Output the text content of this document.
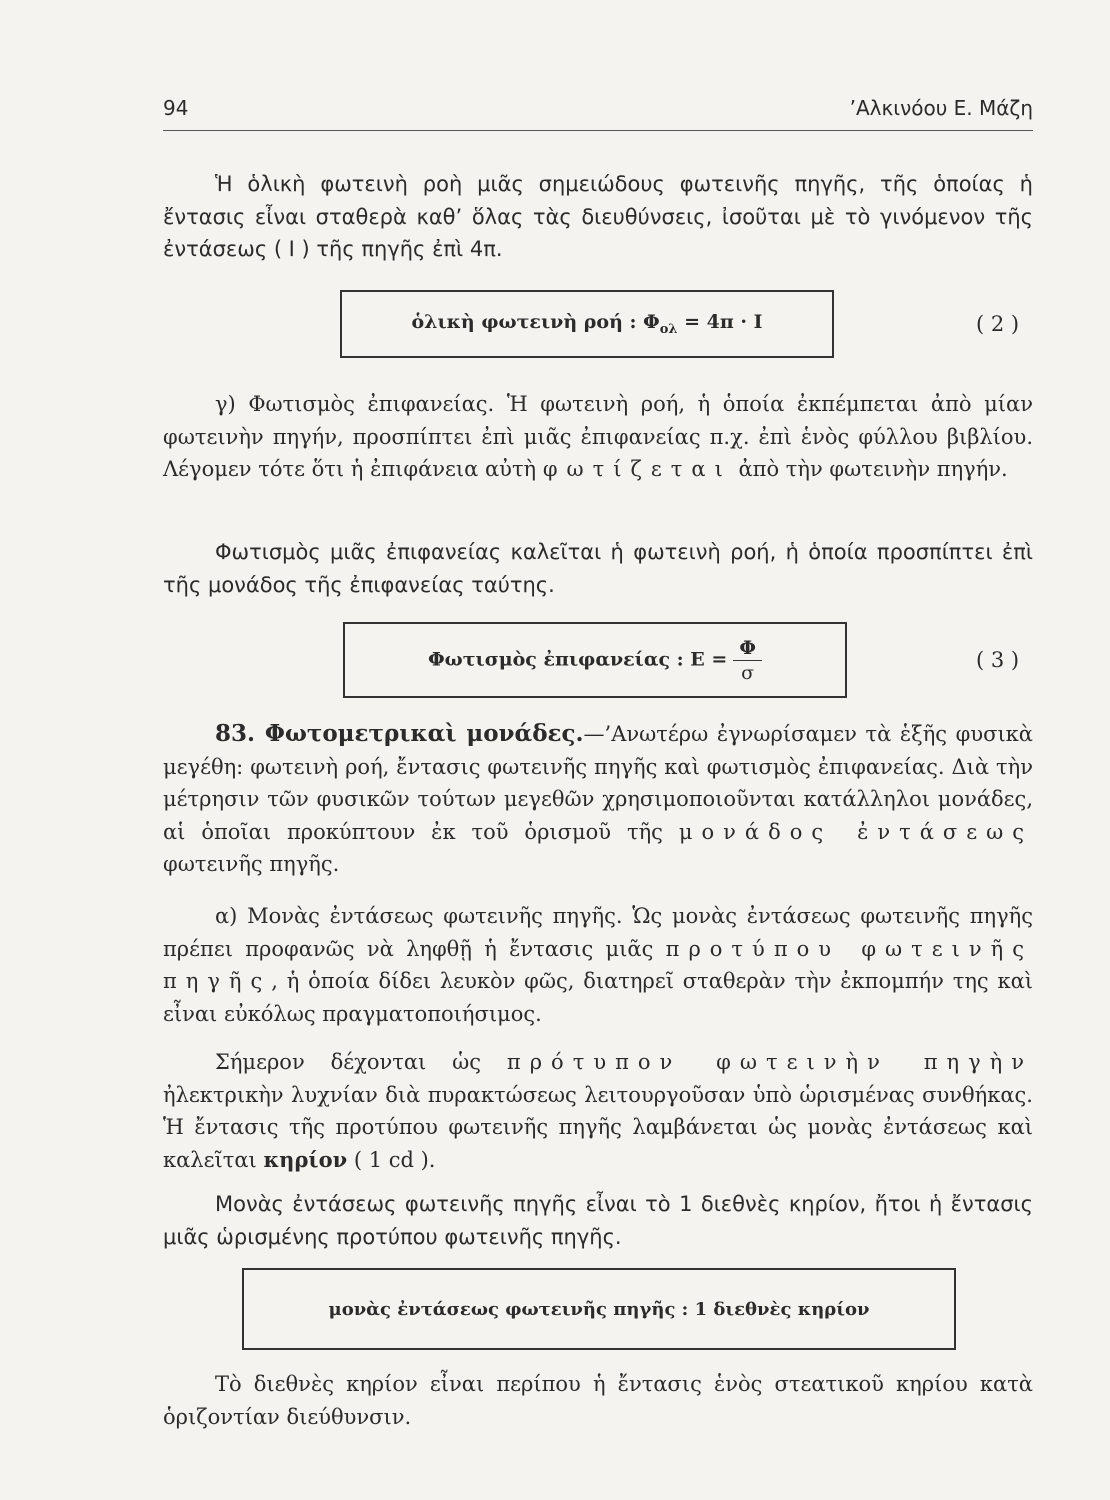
94	’Αλκινόου Ε. Μάζη

Ἡ ὁλικὴ φωτεινὴ ροὴ μιᾶς σημειώδους φωτεινῆς πηγῆς, τῆς ὁποίας ἡ ἔντασις εἶναι σταθερὰ καθ’ ὅλας τὰς διευθύνσεις, ἰσοῦται μὲ τὸ γινόμενον τῆς ἐντάσεως ( Ι ) τῆς πηγῆς ἐπὶ 4π.

ὁλικὴ φωτεινὴ ροή : $\Phi_{o\lambda} = 4\pi \cdot I$	( 2 )

γ) Φωτισμὸς ἐπιφανείας. Ἡ φωτεινὴ ροή, ἡ ὁποία ἐκπέμπεται ἀπὸ μίαν φωτεινὴν πηγήν, προσπίπτει ἐπὶ μιᾶς ἐπιφανείας π.χ. ἐπὶ ἑνὸς φύλλου βιβλίου. Λέγομεν τότε ὅτι ἡ ἐπιφάνεια αὐτὴ φωτίζεται ἀπὸ τὴν φωτεινὴν πηγήν.

Φωτισμὸς μιᾶς ἐπιφανείας καλεῖται ἡ φωτεινὴ ροή, ἡ ὁποία προσπίπτει ἐπὶ τῆς μονάδος τῆς ἐπιφανείας ταύτης.

Φωτισμὸς ἐπιφανείας : $E = \frac{\Phi}{\sigma}$	( 3 )

83. Φωτομετρικαὶ μονάδες.—’Ανωτέρω ἐγνωρίσαμεν τὰ ἑξῆς φυσικὰ μεγέθη: φωτεινὴ ροή, ἔντασις φωτεινῆς πηγῆς καὶ φωτισμὸς ἐπιφανείας. Διὰ τὴν μέτρησιν τῶν φυσικῶν τούτων μεγεθῶν χρησιμοποιοῦνται κατάλληλοι μονάδες, αἱ ὁποῖαι προκύπτουν ἐκ τοῦ ὁρισμοῦ τῆς μονάδος ἐντάσεως φωτεινῆς πηγῆς.

α) Μονὰς ἐντάσεως φωτεινῆς πηγῆς. Ὡς μονὰς ἐντάσεως φωτεινῆς πηγῆς πρέπει προφανῶς νὰ ληφθῇ ἡ ἔντασις μιᾶς προτύπου φωτεινῆς πηγῆς, ἡ ὁποία δίδει λευκὸν φῶς, διατηρεῖ σταθερὰν τὴν ἐκπομπήν της καὶ εἶναι εὐκόλως πραγματοποιήσιμος.

Σήμερον δέχονται ὡς πρότυπον φωτεινὴν πηγὴν ἠλεκτρικὴν λυχνίαν διὰ πυρακτώσεως λειτουργοῦσαν ὑπὸ ὡρισμένας συνθήκας. Ἡ ἔντασις τῆς προτύπου φωτεινῆς πηγῆς λαμβάνεται ὡς μονὰς ἐντάσεως καὶ καλεῖται κηρίον ( 1 cd ).

Μονὰς ἐντάσεως φωτεινῆς πηγῆς εἶναι τὸ 1 διεθνὲς κηρίον, ἤτοι ἡ ἔντασις μιᾶς ὡρισμένης προτύπου φωτεινῆς πηγῆς.

μονὰς ἐντάσεως φωτεινῆς πηγῆς : 1 διεθνὲς κηρίον

Τὸ διεθνὲς κηρίον εἶναι περίπου ἡ ἔντασις ἑνὸς στεατικοῦ κηρίου κατὰ ὁριζοντίαν διεύθυνσιν.
